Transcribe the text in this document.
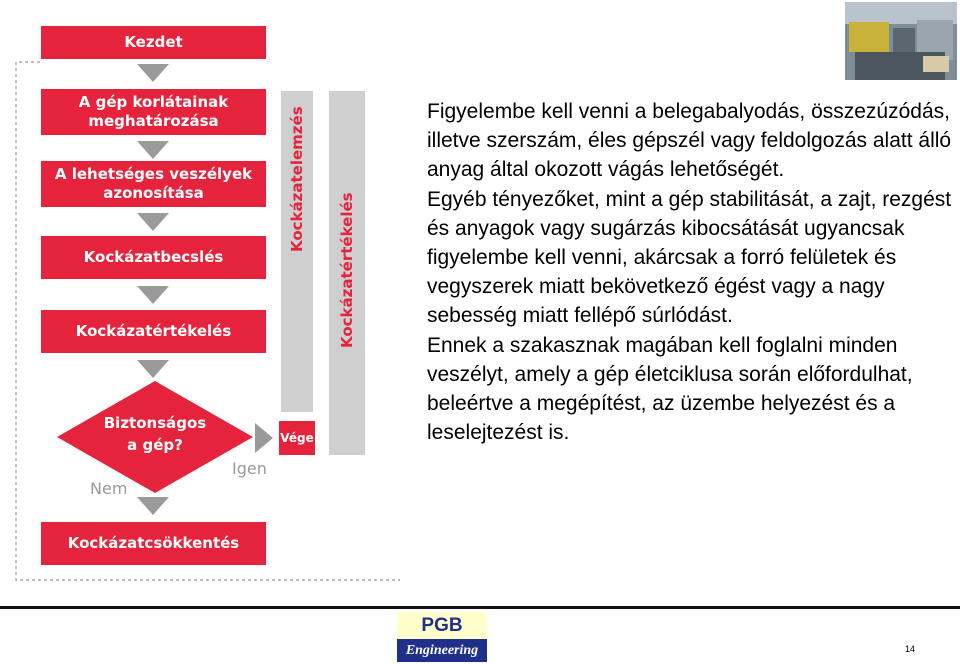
Kezdet
A gép korlátainak
meghatározása
A lehetséges veszélyek
azonosítása
Kockázatbecslés
Kockázatértékelés
Biztonságos
a gép?
Igen
Vége
Nem
Kockázatcsökkentés
Kockázatelemzés
Kockázatértékelés

Figyelembe kell venni a belegabalyodás, összezúzódás, illetve szerszám, éles gépszél vagy feldolgozás alatt álló anyag által okozott vágás lehetőségét.

Egyéb tényezőket, mint a gép stabilitását, a zajt, rezgést és anyagok vagy sugárzás kibocsátását ugyancsak figyelembe kell venni, akárcsak a forró felületek és vegyszerek miatt bekövetkező égést vagy a nagy sebesség miatt fellépő súrlódást.

Ennek a szakasznak magában kell foglalni minden veszélyt, amely a gép életciklusa során előfordulhat, beleértve a megépítést, az üzembe helyezést és a leselejtezést is.

PGB
Engineering	14
